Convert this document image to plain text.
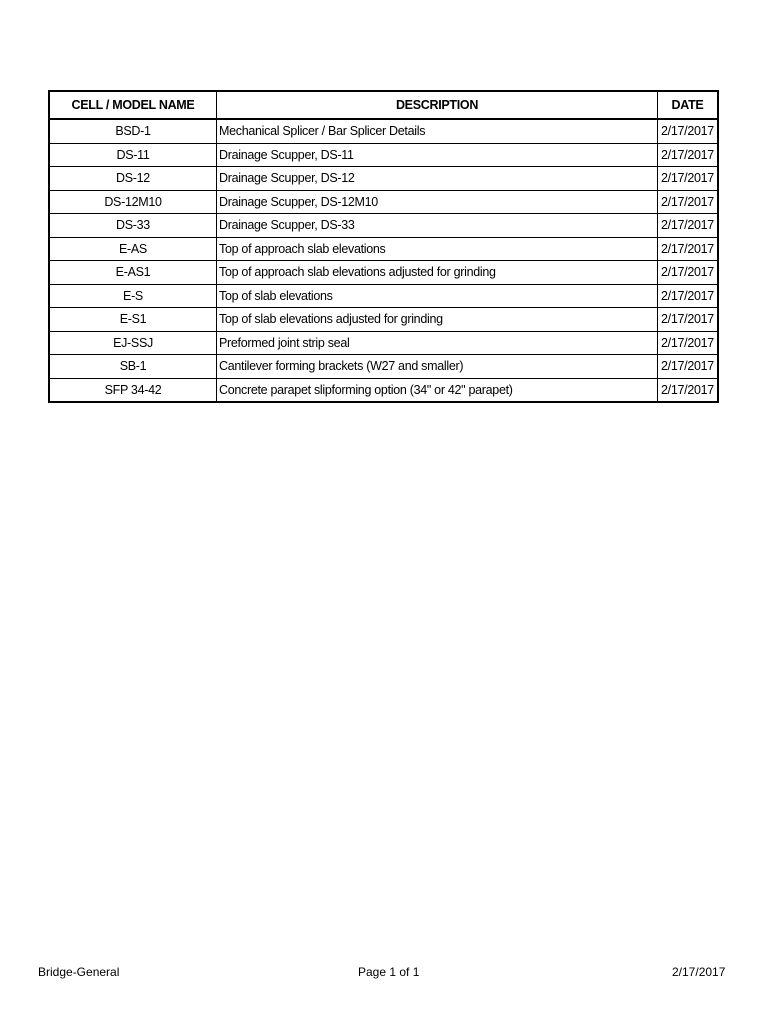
CELL / MODEL NAME	DESCRIPTION	DATE
BSD-1	Mechanical Splicer / Bar Splicer Details	2/17/2017
DS-11	Drainage Scupper, DS-11	2/17/2017
DS-12	Drainage Scupper, DS-12	2/17/2017
DS-12M10	Drainage Scupper, DS-12M10	2/17/2017
DS-33	Drainage Scupper, DS-33	2/17/2017
E-AS	Top of approach slab elevations	2/17/2017
E-AS1	Top of approach slab elevations adjusted for grinding	2/17/2017
E-S	Top of slab elevations	2/17/2017
E-S1	Top of slab elevations adjusted for grinding	2/17/2017
EJ-SSJ	Preformed joint strip seal	2/17/2017
SB-1	Cantilever forming brackets (W27 and smaller)	2/17/2017
SFP 34-42	Concrete parapet slipforming option (34" or 42" parapet)	2/17/2017
Bridge-General	Page 1 of 1	2/17/2017
